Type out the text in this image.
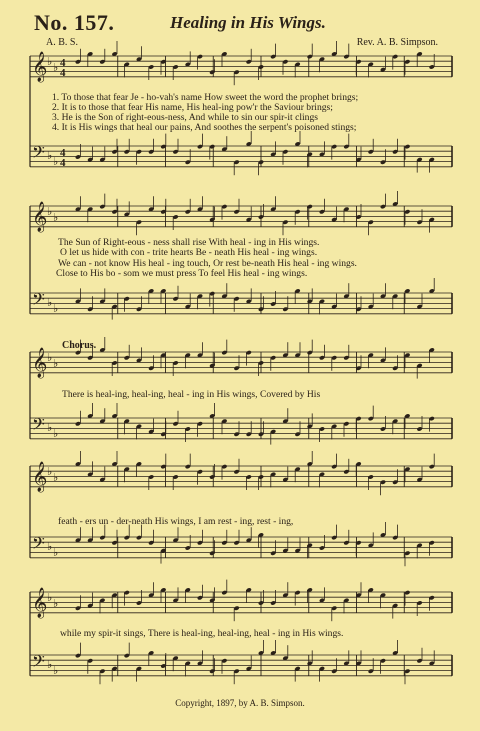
No. 157.	Healing in His Wings.
A. B. S.	Rev. A. B. Simpson.
𝄞 ♭ ♭
𝄢 ♭ ♭
𝄞 ♭ ♭
𝄢 ♭ ♭
𝄞 ♭ ♭
𝄢 ♭ ♭
𝄞 ♭ ♭
𝄢 ♭ ♭
𝄞 ♭ ♭
𝄢 ♭ ♭
4
4
4
4
1. To those that fear Je - ho-vah's name How sweet the word the prophet brings;
2. It is to those that fear His name, His heal-ing pow'r the Saviour brings;
3. He is the Son of right-eous-ness, And while to sin our spir-it clings
4. It is His wings that heal our pains, And soothes the serpent's poisoned stings;
The Sun of Right-eous - ness shall rise With heal - ing in His wings.
O let us hide with con - trite hearts Be - neath His heal - ing wings.
We can - not know His heal - ing touch, Or rest be-neath His heal - ing wings.
Close to His bo - som we must press To feel His heal - ing wings.
Chorus.
There is heal-ing, heal-ing, heal - ing in His wings, Covered by His
feath - ers un - der-neath His wings, I am rest - ing, rest - ing,
while my spir-it sings, There is heal-ing, heal-ing, heal - ing in His wings.
Copyright, 1897, by A. B. Simpson.
